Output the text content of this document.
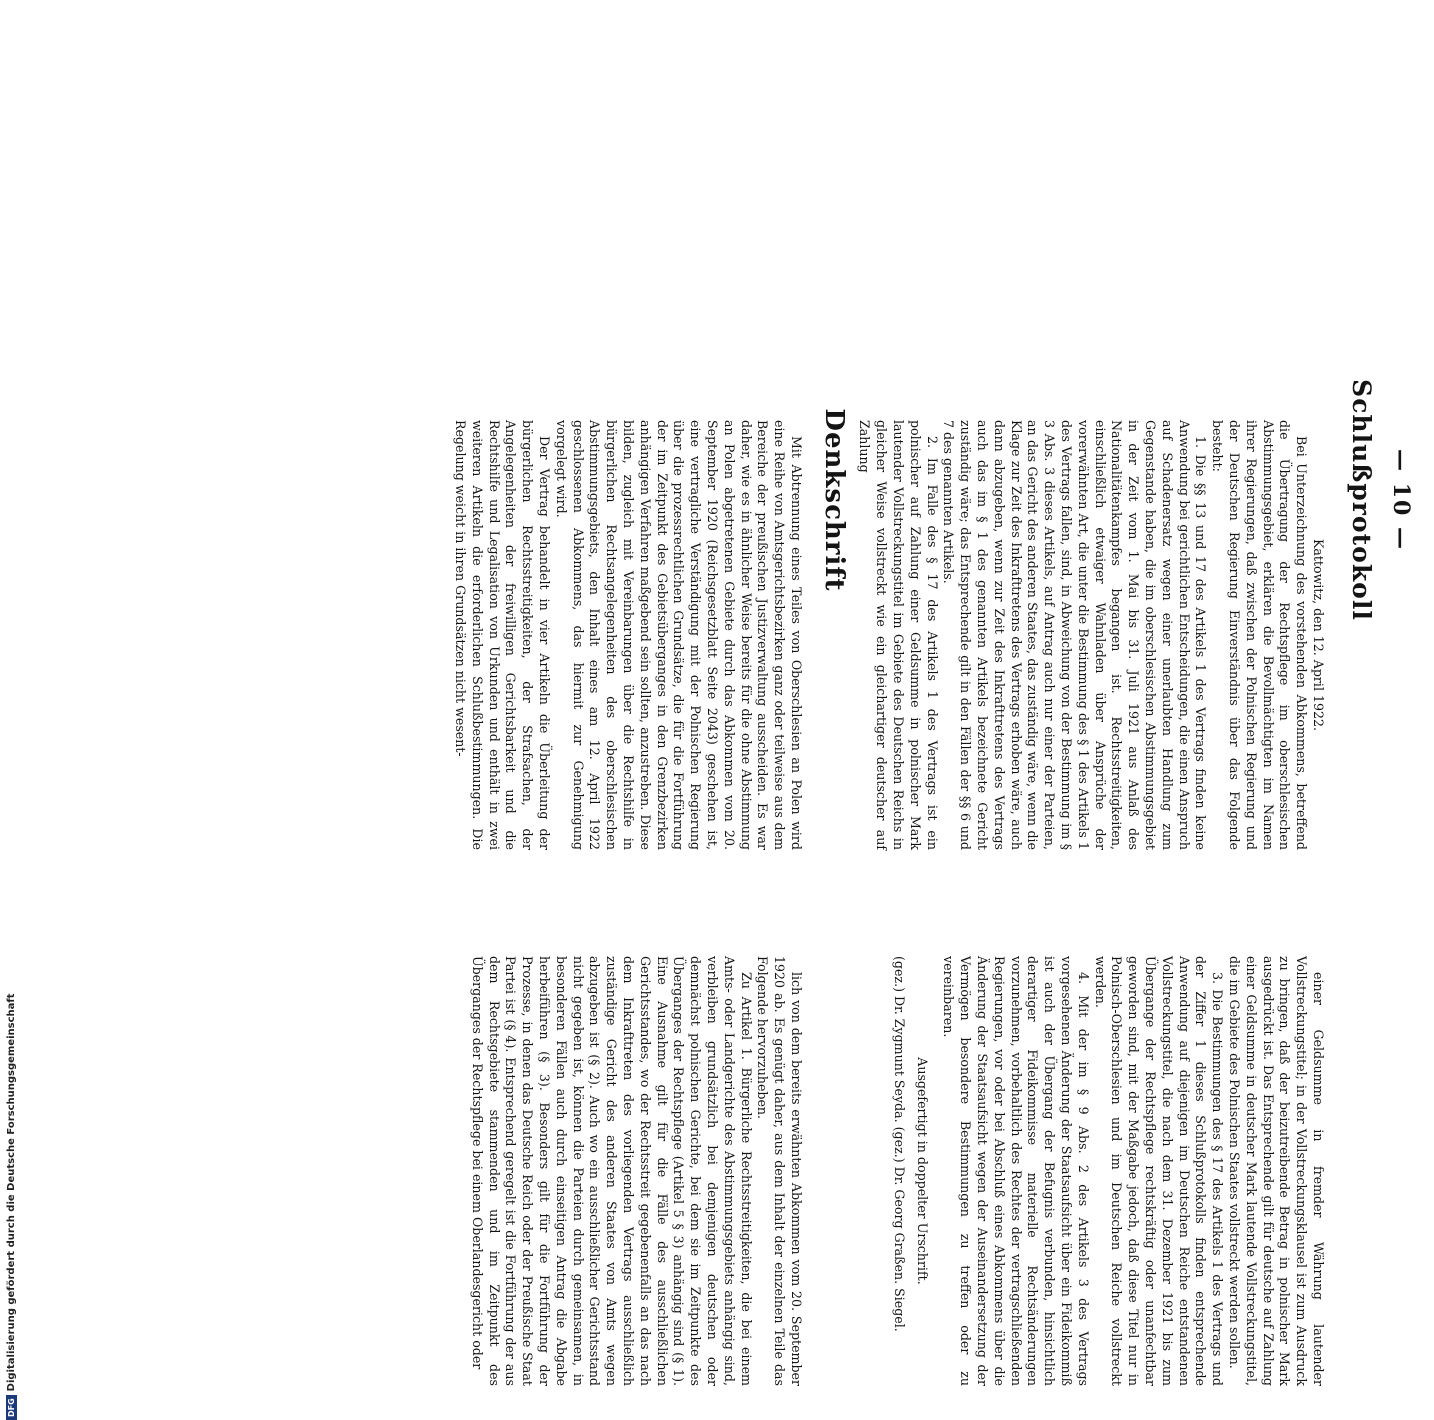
— 10 —
Schlußprotokoll

Kattowitz, den 12. April 1922.

Bei Unterzeichnung des vorstehenden Abkommens, betreffend die Übertragung der Rechtspflege im oberschlesischen Abstimmungsgebiet, erklären die Bevollmächtigten im Namen ihrer Regierungen, daß zwischen der Polnischen Regierung und der Deutschen Regierung Einverständnis über das Folgende besteht:

1. Die §§ 13 und 17 des Artikels 1 des Vertrags finden keine Anwendung bei gerichtlichen Entscheidungen, die einen Anspruch auf Schadenersatz wegen einer unerlaubten Handlung zum Gegenstande haben, die im oberschlesischen Abstimmungsgebiet in der Zeit vom 1. Mai bis 31. Juli 1921 aus Anlaß des Nationalitätenkampfes begangen ist. Rechtsstreitigkeiten, einschließlich etwaiger Wahnladen über Ansprüche der vorerwähnten Art, die unter die Bestimmung des § 1 des Artikels 1 des Vertrags fallen, sind, in Abweichung von der Bestimmung im § 3 Abs. 3 dieses Artikels, auf Antrag auch nur einer der Parteien, an das Gericht des anderen Staates, das zuständig wäre, wenn die Klage zur Zeit des Inkrafttretens des Vertrags erhoben wäre, auch dann abzugeben, wenn zur Zeit des Inkrafttretens des Vertrags auch das im § 1 des genannten Artikels bezeichnete Gericht zuständig wäre; das Entsprechende gilt in den Fällen der §§ 6 und 7 des genannten Artikels.

2. Im Falle des § 17 des Artikels 1 des Vertrags ist ein polnischer auf Zahlung einer Geldsumme in polnischer Mark lautender Vollstreckungstitel im Gebiete des Deutschen Reichs in gleicher Weise vollstreckt wie ein gleichartiger deutscher auf Zahlung

einer Geldsumme in fremder Währung lautender Vollstreckungstitel; in der Vollstreckungsklausel ist zum Ausdruck zu bringen, daß der beizutreibende Betrag in polnischer Mark ausgedrückt ist. Das Entsprechende gilt für deutsche auf Zahlung einer Geldsumme in deutscher Mark lautende Vollstreckungstitel, die im Gebiete des Polnischen Staates vollstreckt werden sollen.

3. Die Bestimmungen des § 17 des Artikels 1 des Vertrags und der Ziffer 1 dieses Schlußprotokolls finden entsprechende Anwendung auf diejenigen im Deutschen Reiche entstandenen Vollstreckungstitel, die nach dem 31. Dezember 1921 bis zum Übergange der Rechtspflege rechtskräftig oder unanfechtbar geworden sind, mit der Maßgabe jedoch, daß diese Titel nur in Polnisch-Oberschlesien und im Deutschen Reiche vollstreckt werden.

4. Mit der im § 9 Abs. 2 des Artikels 3 des Vertrags vorgesehenen Änderung der Staatsaufsicht über ein Fideikommiß ist auch der Übergang der Befugnis verbunden, hinsichtlich derartiger Fideikommisse materielle Rechtsänderungen vorzunehmen, vorbehaltlich des Rechtes der vertragschließenden Regierungen, vor oder bei Abschluß eines Abkommens über die Änderung der Staatsaufsicht wegen der Auseinandersetzung der Vermögen besondere Bestimmungen zu treffen oder zu vereinbaren.

Ausgefertigt in doppelter Urschrift.

(gez.) Dr. Zygmunt Seyda. (gez.) Dr. Georg Graßen. Siegel.

Denkschrift

Mit Abtrennung eines Teiles von Oberschlesien an Polen wird eine Reihe von Amtsgerichtsbezirken ganz oder teilweise aus dem Bereiche der preußischen Justizverwaltung ausscheiden. Es war daher, wie es in ähnlicher Weise bereits für die ohne Abstimmung an Polen abgetretenen Gebiete durch das Abkommen vom 20. September 1920 (Reichsgesetzblatt Seite 2043) geschehen ist, eine vertragliche Verständigung mit der Polnischen Regierung über die prozessrechtlichen Grundsätze, die für die Fortführung der im Zeitpunkt des Gebietsüberganges in den Grenzbezirken anhängigen Verfahren maßgebend sein sollten, anzustreben. Diese bilden, zugleich mit Vereinbarungen über die Rechtshilfe in bürgerlichen Rechtsangelegenheiten des oberschlesischen Abstimmungsgebiets, den Inhalt eines am 12. April 1922 geschlossenen Abkommens, das hiermit zur Genehmigung vorgelegt wird.

Der Vertrag behandelt in vier Artikeln die Überleitung der bürgerlichen Rechtsstreitigkeiten, der Strafsachen, der Angelegenheiten der freiwilligen Gerichtsbarkeit und die Rechtshilfe und Legalisation von Urkunden und enthält in zwei weiteren Artikeln die erforderlichen Schlußbestimmungen. Die Regelung weicht in ihren Grundsätzen nicht wesent-

lich von dem bereits erwähnten Abkommen vom 20. September 1920 ab. Es genügt daher, aus dem Inhalt der einzelnen Teile das Folgende hervorzuheben.

Zu Artikel 1. Bürgerliche Rechtsstreitigkeiten, die bei einem Amts- oder Landgerichte des Abstimmungsgebiets anhängig sind, verbleiben grundsätzlich bei demjenigen deutschen oder demnächst polnischen Gerichte, bei dem sie im Zeitpunkte des Überganges der Rechtspflege (Artikel 5 § 3) anhängig sind (§ 1). Eine Ausnahme gilt für die Fälle des ausschließlichen Gerichtsstandes, wo der Rechtsstreit gegebenenfalls an das nach dem Inkrafttreten des vorliegenden Vertrags ausschließlich zuständige Gericht des anderen Staates von Amts wegen abzugeben ist (§ 2). Auch wo ein ausschließlicher Gerichtsstand nicht gegeben ist, können die Parteien durch gemeinsamen, in besonderen Fällen auch durch einseitigen Antrag die Abgabe herbeiführen (§ 3). Besonders gilt für die Fortführung der Prozesse, in denen das Deutsche Reich oder der Preußische Staat Partei ist (§ 4). Entsprechend geregelt ist die Fortführung der aus dem Rechtsgebiete stammenden und im Zeitpunkt des Überganges der Rechtspflege bei einem Oberlandesgericht oder

DFGDigitalisierung gefördert durch die Deutsche Forschungsgemeinschaft
